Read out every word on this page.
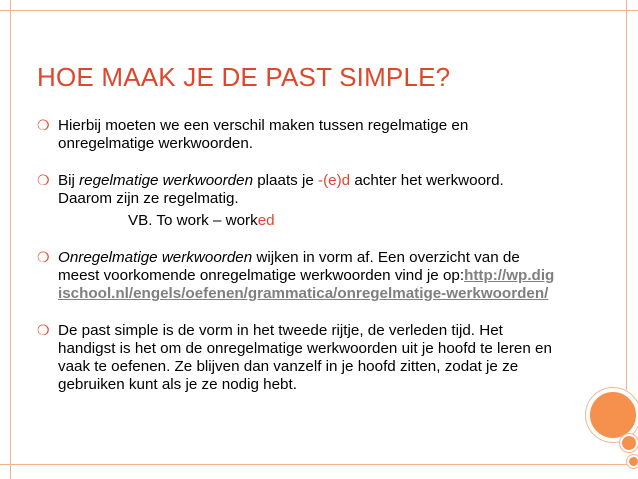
HOE MAAK JE DE PAST SIMPLE?
❍ Hierbij moeten we een verschil maken tussen regelmatige en onregelmatige werkwoorden.
❍ Bij regelmatige werkwoorden plaats je -(e)d achter het werkwoord. Daarom zijn ze regelmatig.
VB. To work – worked
❍ Onregelmatige werkwoorden wijken in vorm af. Een overzicht van de meest voorkomende onregelmatige werkwoorden vind je op:http://wp.digischool.nl/engels/oefenen/grammatica/onregelmatige-werkwoorden/
❍ De past simple is de vorm in het tweede rijtje, de verleden tijd. Het handigst is het om de onregelmatige werkwoorden uit je hoofd te leren en vaak te oefenen. Ze blijven dan vanzelf in je hoofd zitten, zodat je ze gebruiken kunt als je ze nodig hebt.
